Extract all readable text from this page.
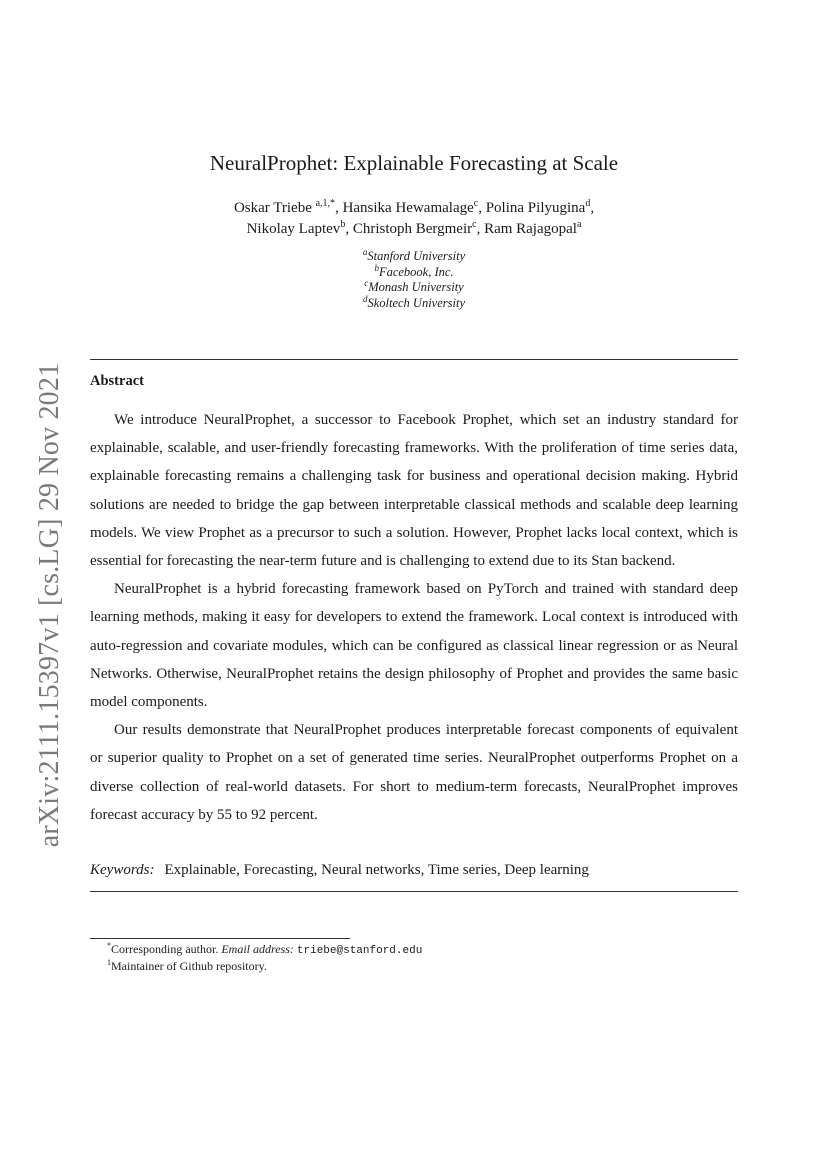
arXiv:2111.15397v1 [cs.LG] 29 Nov 2021
NeuralProphet: Explainable Forecasting at Scale
Oskar Triebe $^{a,1,*}$, Hansika Hewamalage$^c$, Polina Pilyugina$^d$,
Nikolay Laptev$^b$, Christoph Bergmeir$^c$, Ram Rajagopal$^a$
$^a$Stanford University
$^b$Facebook, Inc.
$^c$Monash University
$^d$Skoltech University
Abstract

We introduce NeuralProphet, a successor to Facebook Prophet, which set an industry standard for explainable, scalable, and user-friendly forecasting frameworks. With the proliferation of time series data, explainable forecasting remains a challenging task for business and operational decision making. Hybrid solutions are needed to bridge the gap between interpretable classical methods and scalable deep learning models. We view Prophet as a precursor to such a solution. However, Prophet lacks local context, which is essential for forecasting the near-term future and is challenging to extend due to its Stan backend.

NeuralProphet is a hybrid forecasting framework based on PyTorch and trained with standard deep learning methods, making it easy for developers to extend the framework. Local context is introduced with auto-regression and covariate modules, which can be configured as classical linear regression or as Neural Networks. Otherwise, NeuralProphet retains the design philosophy of Prophet and provides the same basic model components.

Our results demonstrate that NeuralProphet produces interpretable forecast components of equivalent or superior quality to Prophet on a set of generated time series. NeuralProphet outperforms Prophet on a diverse collection of real-world datasets. For short to medium-term forecasts, NeuralProphet improves forecast accuracy by 55 to 92 percent.

Keywords: Explainable, Forecasting, Neural networks, Time series, Deep learning
*Corresponding author. Email address: triebe@stanford.edu
$^1$Maintainer of Github repository.
